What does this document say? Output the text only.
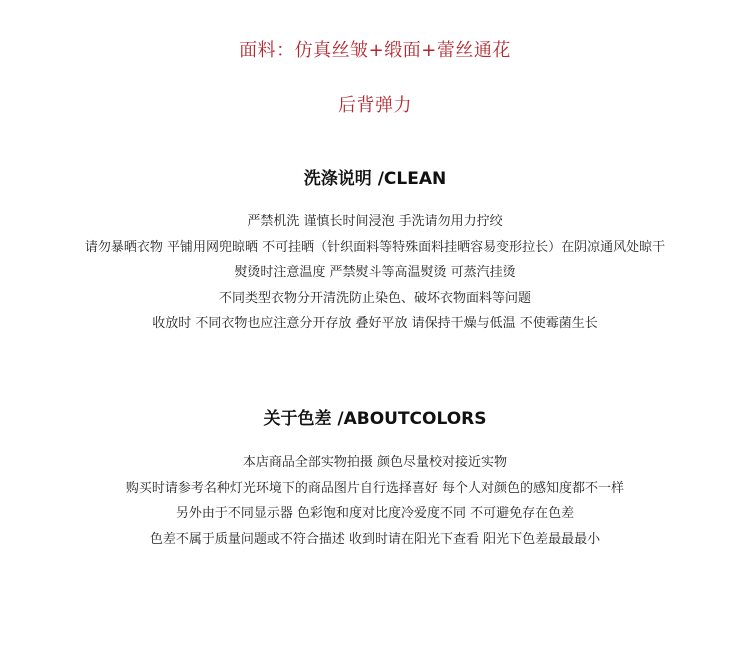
面料：仿真丝皱+缎面+蕾丝通花
后背弹力
洗涤说明 /CLEAN
严禁机洗 谨慎长时间浸泡 手洗请勿用力拧绞
请勿暴晒衣物 平铺用网兜晾晒 不可挂晒（针织面料等特殊面料挂晒容易变形拉长）在阴凉通风处晾干
熨烫时注意温度 严禁熨斗等高温熨烫 可蒸汽挂烫
不同类型衣物分开清洗防止染色、破坏衣物面料等问题
收放时 不同衣物也应注意分开存放 叠好平放 请保持干燥与低温 不使霉菌生长
关于色差 /ABOUTCOLORS
本店商品全部实物拍摄 颜色尽量校对接近实物
购买时请参考名种灯光环境下的商品图片自行选择喜好 每个人对颜色的感知度都不一样
另外由于不同显示器 色彩饱和度对比度冷爱度不同 不可避免存在色差
色差不属于质量问题或不符合描述 收到时请在阳光下查看 阳光下色差最最最小
